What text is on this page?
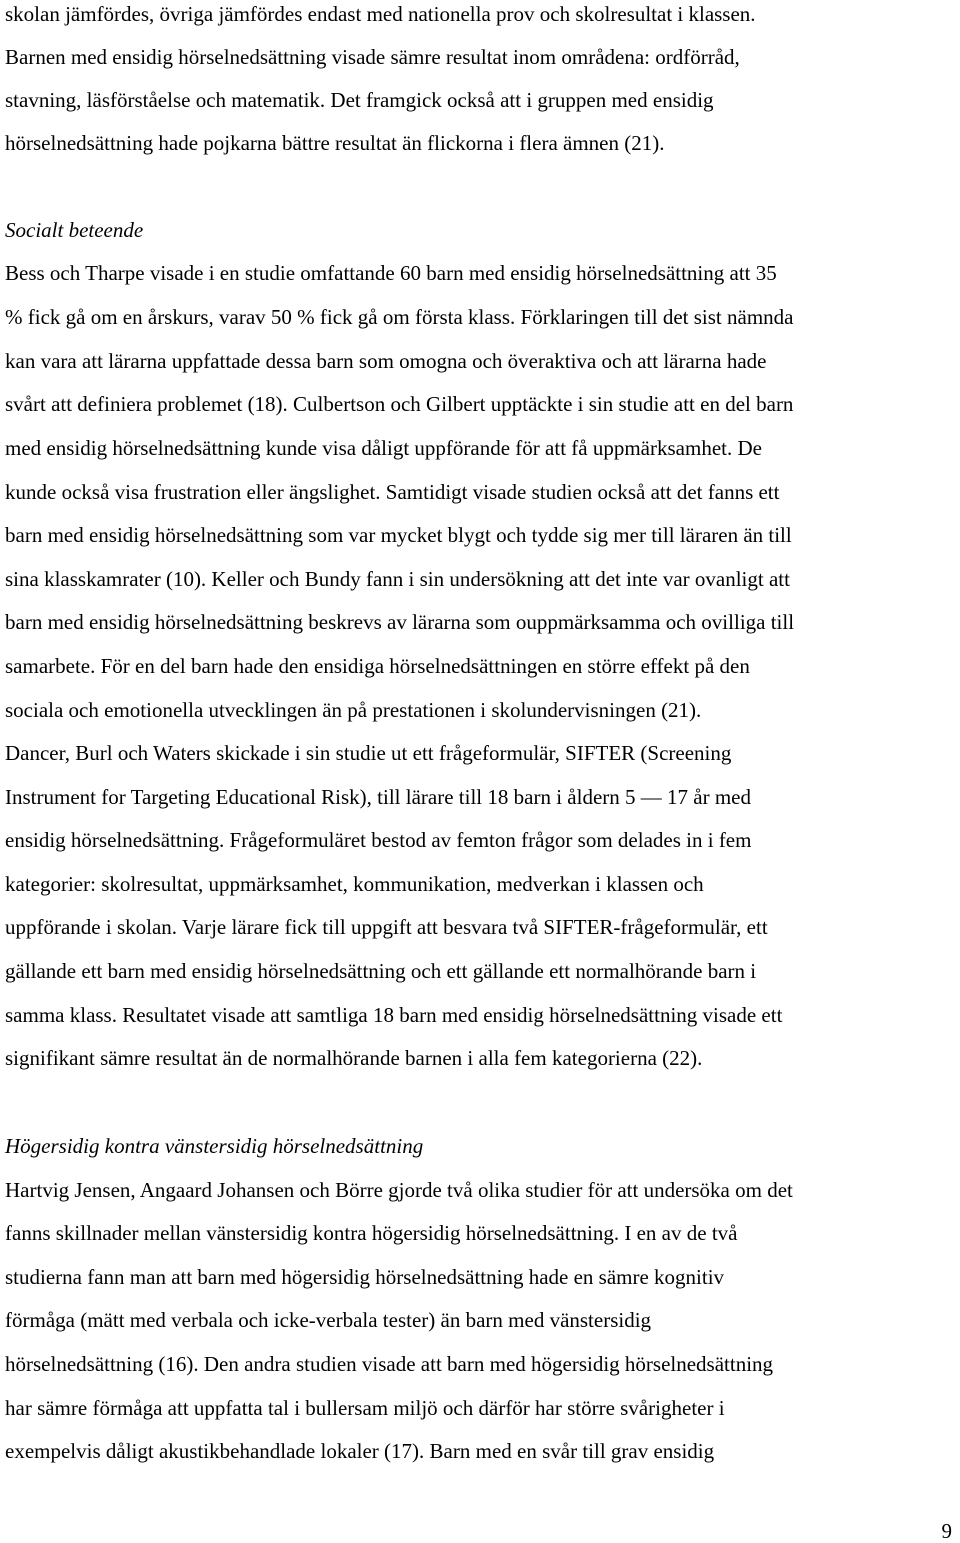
skolan jämfördes, övriga jämfördes endast med nationella prov och skolresultat i klassen.
Barnen med ensidig hörselnedsättning visade sämre resultat inom områdena: ordförråd,
stavning, läsförståelse och matematik. Det framgick också att i gruppen med ensidig
hörselnedsättning hade pojkarna bättre resultat än flickorna i flera ämnen (21).
Socialt beteende
Bess och Tharpe visade i en studie omfattande 60 barn med ensidig hörselnedsättning att 35
% fick gå om en årskurs, varav 50 % fick gå om första klass. Förklaringen till det sist nämnda
kan vara att lärarna uppfattade dessa barn som omogna och överaktiva och att lärarna hade
svårt att definiera problemet (18). Culbertson och Gilbert upptäckte i sin studie att en del barn
med ensidig hörselnedsättning kunde visa dåligt uppförande för att få uppmärksamhet. De
kunde också visa frustration eller ängslighet. Samtidigt visade studien också att det fanns ett
barn med ensidig hörselnedsättning som var mycket blygt och tydde sig mer till läraren än till
sina klasskamrater (10). Keller och Bundy fann i sin undersökning att det inte var ovanligt att
barn med ensidig hörselnedsättning beskrevs av lärarna som ouppmärksamma och ovilliga till
samarbete. För en del barn hade den ensidiga hörselnedsättningen en större effekt på den
sociala och emotionella utvecklingen än på prestationen i skolundervisningen (21).
Dancer, Burl och Waters skickade i sin studie ut ett frågeformulär, SIFTER (Screening
Instrument for Targeting Educational Risk), till lärare till 18 barn i åldern 5 — 17 år med
ensidig hörselnedsättning. Frågeformuläret bestod av femton frågor som delades in i fem
kategorier: skolresultat, uppmärksamhet, kommunikation, medverkan i klassen och
uppförande i skolan. Varje lärare fick till uppgift att besvara två SIFTER-frågeformulär, ett
gällande ett barn med ensidig hörselnedsättning och ett gällande ett normalhörande barn i
samma klass. Resultatet visade att samtliga 18 barn med ensidig hörselnedsättning visade ett
signifikant sämre resultat än de normalhörande barnen i alla fem kategorierna (22).
Högersidig kontra vänstersidig hörselnedsättning
Hartvig Jensen, Angaard Johansen och Börre gjorde två olika studier för att undersöka om det
fanns skillnader mellan vänstersidig kontra högersidig hörselnedsättning. I en av de två
studierna fann man att barn med högersidig hörselnedsättning hade en sämre kognitiv
förmåga (mätt med verbala och icke-verbala tester) än barn med vänstersidig
hörselnedsättning (16). Den andra studien visade att barn med högersidig hörselnedsättning
har sämre förmåga att uppfatta tal i bullersam miljö och därför har större svårigheter i
exempelvis dåligt akustikbehandlade lokaler (17). Barn med en svår till grav ensidig
9
